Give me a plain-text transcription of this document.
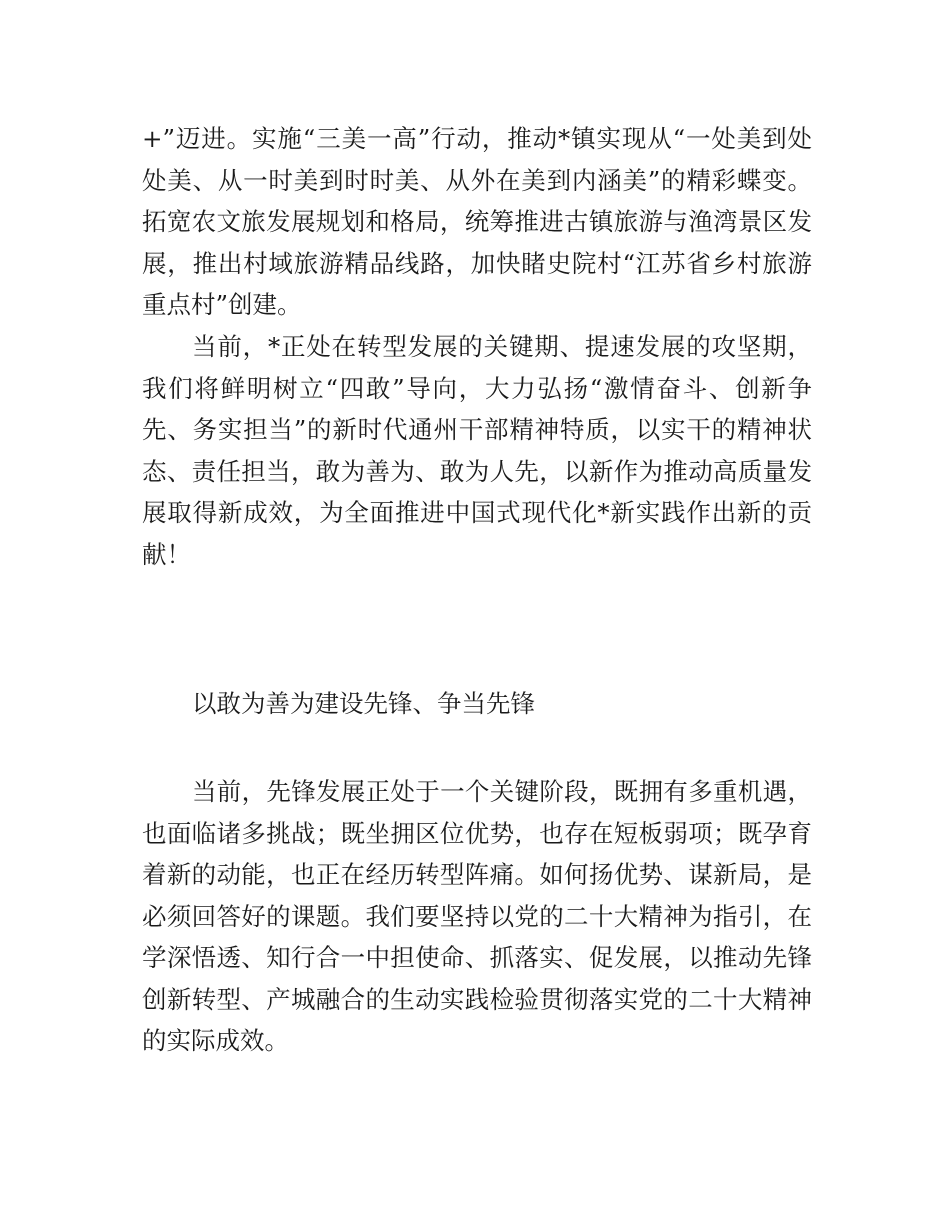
+”迈进。实施“三美一高”行动，推动*镇实现从“一处美到处处美、从一时美到时时美、从外在美到内涵美”的精彩蝶变。拓宽农文旅发展规划和格局，统筹推进古镇旅游与渔湾景区发展，推出村域旅游精品线路，加快睹史院村“江苏省乡村旅游重点村”创建。

当前，*正处在转型发展的关键期、提速发展的攻坚期，我们将鲜明树立“四敢”导向，大力弘扬“激情奋斗、创新争先、务实担当”的新时代通州干部精神特质，以实干的精神状态、责任担当，敢为善为、敢为人先，以新作为推动高质量发展取得新成效，为全面推进中国式现代化*新实践作出新的贡献！

以敢为善为建设先锋、争当先锋

当前，先锋发展正处于一个关键阶段，既拥有多重机遇，也面临诸多挑战；既坐拥区位优势，也存在短板弱项；既孕育着新的动能，也正在经历转型阵痛。如何扬优势、谋新局，是必须回答好的课题。我们要坚持以党的二十大精神为指引，在学深悟透、知行合一中担使命、抓落实、促发展，以推动先锋创新转型、产城融合的生动实践检验贯彻落实党的二十大精神的实际成效。
